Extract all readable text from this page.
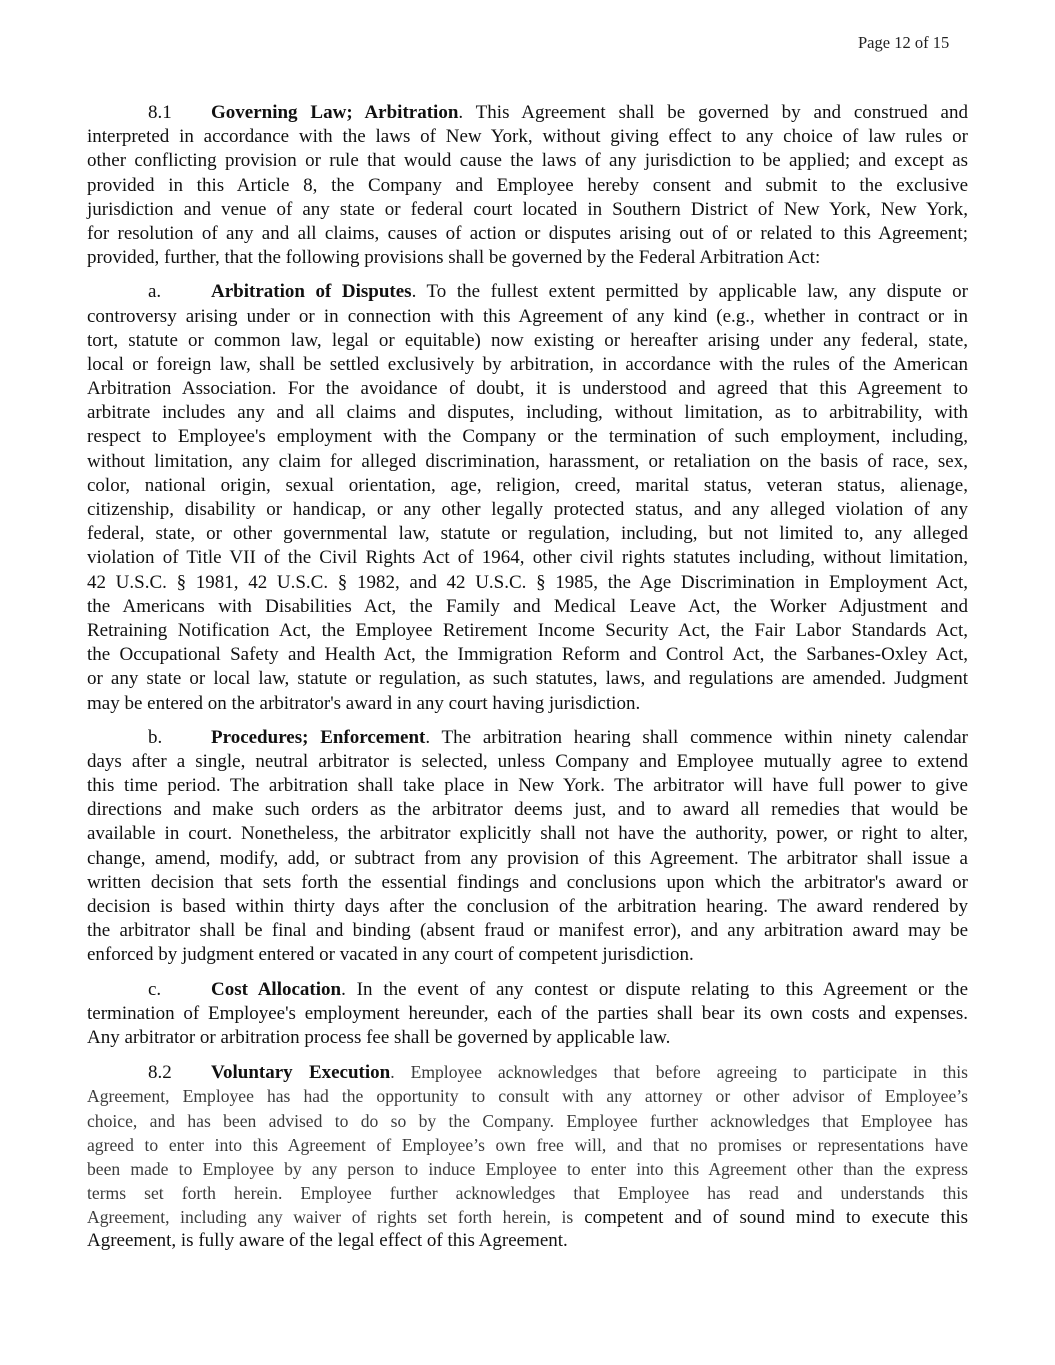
Page 12 of 15
8.1 Governing Law; Arbitration. This Agreement shall be governed by and construed and
interpreted in accordance with the laws of New York, without giving effect to any choice of law rules or
other conflicting provision or rule that would cause the laws of any jurisdiction to be applied; and except as
provided in this Article 8, the Company and Employee hereby consent and submit to the exclusive
jurisdiction and venue of any state or federal court located in Southern District of New York, New York,
for resolution of any and all claims, causes of action or disputes arising out of or related to this Agreement;
provided, further, that the following provisions shall be governed by the Federal Arbitration Act:
a.	Arbitration of Disputes. To the fullest extent permitted by applicable law, any dispute or
controversy arising under or in connection with this Agreement of any kind (e.g., whether in contract or in
tort, statute or common law, legal or equitable) now existing or hereafter arising under any federal, state,
local or foreign law, shall be settled exclusively by arbitration, in accordance with the rules of the American
Arbitration Association. For the avoidance of doubt, it is understood and agreed that this Agreement to
arbitrate includes any and all claims and disputes, including, without limitation, as to arbitrability, with
respect to Employee's employment with the Company or the termination of such employment, including,
without limitation, any claim for alleged discrimination, harassment, or retaliation on the basis of race, sex,
color, national origin, sexual orientation, age, religion, creed, marital status, veteran status, alienage,
citizenship, disability or handicap, or any other legally protected status, and any alleged violation of any
federal, state, or other governmental law, statute or regulation, including, but not limited to, any alleged
violation of Title VII of the Civil Rights Act of 1964, other civil rights statutes including, without limitation,
42 U.S.C. § 1981, 42 U.S.C. § 1982, and 42 U.S.C. § 1985, the Age Discrimination in Employment Act,
the Americans with Disabilities Act, the Family and Medical Leave Act, the Worker Adjustment and
Retraining Notification Act, the Employee Retirement Income Security Act, the Fair Labor Standards Act,
the Occupational Safety and Health Act, the Immigration Reform and Control Act, the Sarbanes-Oxley Act,
or any state or local law, statute or regulation, as such statutes, laws, and regulations are amended. Judgment
may be entered on the arbitrator's award in any court having jurisdiction.
b.	Procedures; Enforcement. The arbitration hearing shall commence within ninety calendar
days after a single, neutral arbitrator is selected, unless Company and Employee mutually agree to extend
this time period. The arbitration shall take place in New York. The arbitrator will have full power to give
directions and make such orders as the arbitrator deems just, and to award all remedies that would be
available in court. Nonetheless, the arbitrator explicitly shall not have the authority, power, or right to alter,
change, amend, modify, add, or subtract from any provision of this Agreement. The arbitrator shall issue a
written decision that sets forth the essential findings and conclusions upon which the arbitrator's award or
decision is based within thirty days after the conclusion of the arbitration hearing. The award rendered by
the arbitrator shall be final and binding (absent fraud or manifest error), and any arbitration award may be
enforced by judgment entered or vacated in any court of competent jurisdiction.
c.	Cost Allocation. In the event of any contest or dispute relating to this Agreement or the
termination of Employee's employment hereunder, each of the parties shall bear its own costs and expenses.
Any arbitrator or arbitration process fee shall be governed by applicable law.
8.2 Voluntary Execution. Employee acknowledges that before agreeing to participate in this
Agreement, Employee has had the opportunity to consult with any attorney or other advisor of Employee’s
choice, and has been advised to do so by the Company. Employee further acknowledges that Employee has
agreed to enter into this Agreement of Employee’s own free will, and that no promises or representations have
been made to Employee by any person to induce Employee to enter into this Agreement other than the express
terms set forth herein. Employee further acknowledges that Employee has read and understands this
Agreement, including any waiver of rights set forth herein, is competent and of sound mind to execute this
Agreement, is fully aware of the legal effect of this Agreement.
